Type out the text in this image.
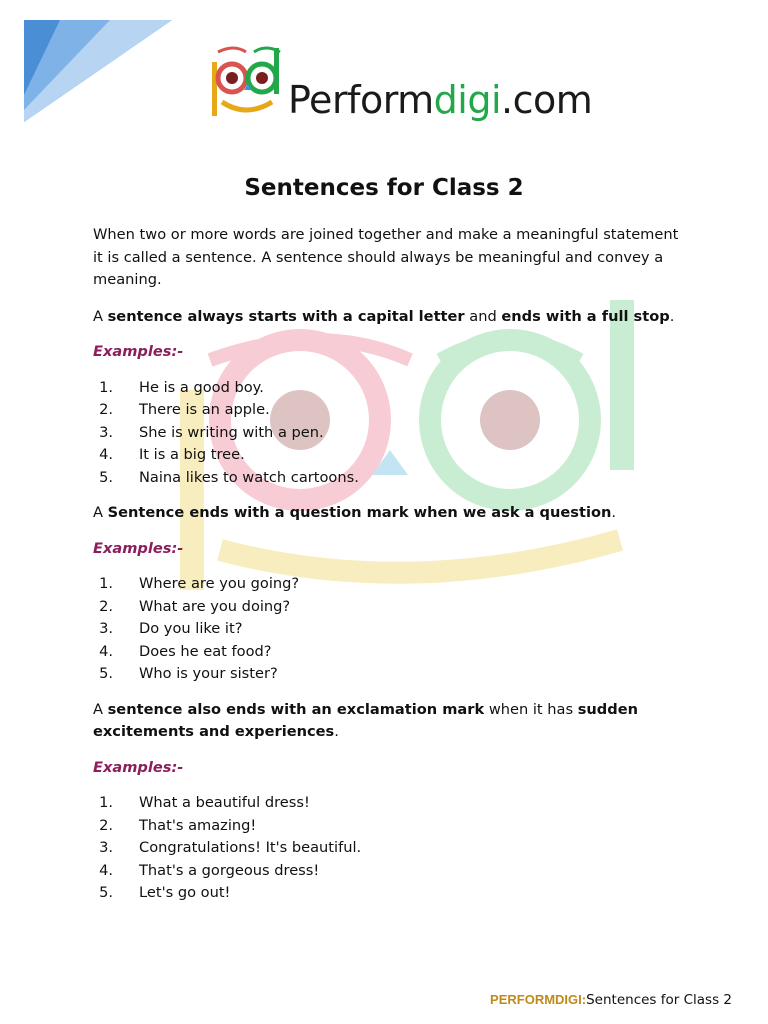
Performdigi.com
Sentences for Class 2

When two or more words are joined together and make a meaningful statement it is called a sentence. A sentence should always be meaningful and convey a meaning.

A sentence always starts with a capital letter and ends with a full stop.

Examples:-

1. He is a good boy.
2. There is an apple.
3. She is writing with a pen.
4. It is a big tree.
5. Naina likes to watch cartoons.

A Sentence ends with a question mark when we ask a question.

Examples:-

1. Where are you going?
2. What are you doing?
3. Do you like it?
4. Does he eat food?
5. Who is your sister?

A sentence also ends with an exclamation mark when it has sudden excitements and experiences.

Examples:-

1. What a beautiful dress!
2. That's amazing!
3. Congratulations! It's beautiful.
4. That's a gorgeous dress!
5. Let's go out!
PERFORMDIGI:Sentences for Class 2
